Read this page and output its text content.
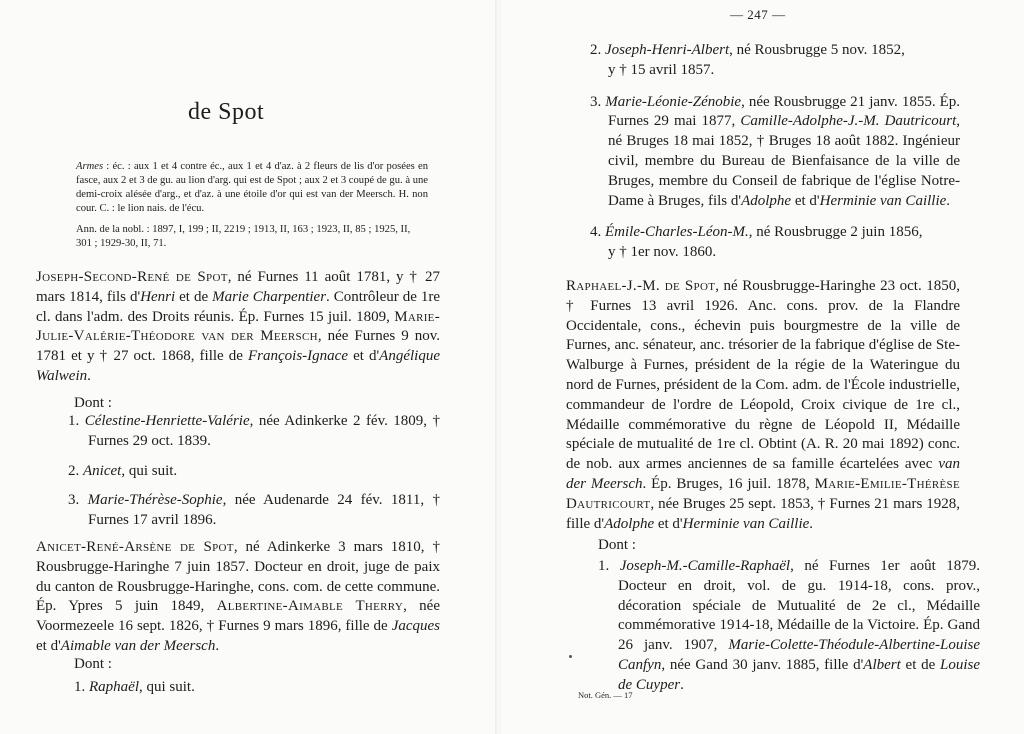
de Spot
Armes : éc. : aux 1 et 4 contre éc., aux 1 et 4 d'az. à 2 fleurs de lis d'or posées en fasce, aux 2 et 3 de gu. au lion d'arg. qui est de Spot ; aux 2 et 3 coupé de gu. à une demi-croix alésée d'arg., et d'az. à une étoile d'or qui est van der Meersch. H. non cour. C. : le lion nais. de l'écu.
Ann. de la nobl. : 1897, I, 199 ; II, 2219 ; 1913, II, 163 ; 1923, II, 85 ; 1925, II, 301 ; 1929-30, II, 71.
Joseph-Second-René de Spot, né Furnes 11 août 1781, y † 27 mars 1814, fils d'Henri et de Marie Charpentier. Contrôleur de 1re cl. dans l'adm. des Droits réunis. Ép. Furnes 15 juil. 1809, Marie-Julie-Valérie-Théodore van der Meersch, née Furnes 9 nov. 1781 et y † 27 oct. 1868, fille de François-Ignace et d'Angélique Walwein.
Dont :
1. Célestine-Henriette-Valérie, née Adinkerke 2 fév. 1809, † Furnes 29 oct. 1839.
2. Anicet, qui suit.
3. Marie-Thérèse-Sophie, née Audenarde 24 fév. 1811, † Furnes 17 avril 1896.
Anicet-René-Arsène de Spot, né Adinkerke 3 mars 1810, † Rousbrugge-Haringhe 7 juin 1857. Docteur en droit, juge de paix du canton de Rousbrugge-Haringhe, cons. com. de cette commune. Ép. Ypres 5 juin 1849, Albertine-Aimable Therry, née Voormezeele 16 sept. 1826, † Furnes 9 mars 1896, fille de Jacques et d'Aimable van der Meersch.
Dont :
1. Raphaël, qui suit.
— 247 —
2. Joseph-Henri-Albert, né Rousbrugge 5 nov. 1852,
y † 15 avril 1857.
3. Marie-Léonie-Zénobie, née Rousbrugge 21 janv. 1855. Ép. Furnes 29 mai 1877, Camille-Adolphe-J.-M. Dautricourt, né Bruges 18 mai 1852, † Bruges 18 août 1882. Ingénieur civil, membre du Bureau de Bienfaisance de la ville de Bruges, membre du Conseil de fabrique de l'église Notre-Dame à Bruges, fils d'Adolphe et d'Herminie van Caillie.
4. Émile-Charles-Léon-M., né Rousbrugge 2 juin 1856,
y † 1er nov. 1860.
Raphael-J.-M. de Spot, né Rousbrugge-Haringhe 23 oct. 1850, † Furnes 13 avril 1926. Anc. cons. prov. de la Flandre Occidentale, cons., échevin puis bourgmestre de la ville de Furnes, anc. sénateur, anc. trésorier de la fabrique d'église de Ste-Walburge à Furnes, président de la régie de la Wateringue du nord de Furnes, président de la Com. adm. de l'École industrielle, commandeur de l'ordre de Léopold, Croix civique de 1re cl., Médaille commémorative du règne de Léopold II, Médaille spéciale de mutualité de 1re cl. Obtint (A. R. 20 mai 1892) conc. de nob. aux armes anciennes de sa famille écartelées avec van der Meersch. Ép. Bruges, 16 juil. 1878, Marie-Emilie-Thérèse Dautricourt, née Bruges 25 sept. 1853, † Furnes 21 mars 1928, fille d'Adolphe et d'Herminie van Caillie.
Dont :
1. Joseph-M.-Camille-Raphaël, né Furnes 1er août 1879. Docteur en droit, vol. de gu. 1914-18, cons. prov., décoration spéciale de Mutualité de 2e cl., Médaille commémorative 1914-18, Médaille de la Victoire. Ép. Gand 26 janv. 1907, Marie-Colette-Théodule-Albertine-Louise Canfyn, née Gand 30 janv. 1885, fille d'Albert et de Louise de Cuyper.
Not. Gén. — 17
